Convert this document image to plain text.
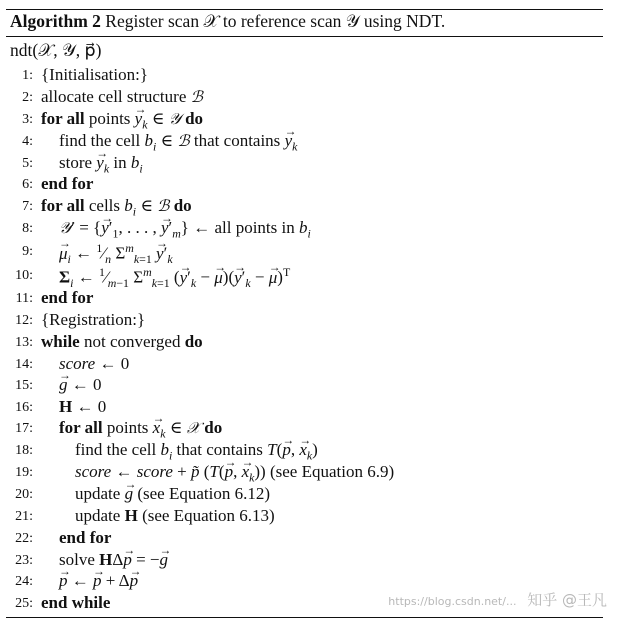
Algorithm 2 Register scan 𝒳 to reference scan 𝒴 using NDT.
ndt(𝒳, 𝒴, p⃗)
1: {Initialisation:}
2: allocate cell structure ℬ
3: for all points → $y_k$ ∈ 𝒴 do
4: find the cell $b_i$ ∈ ℬ that contains → $y_k$
5: store → $y_k$ in $b_i$
6: end for
7: for all cells $b_i$ ∈ ℬ do
8: 𝒴′ = {→ $y'_1$, . . . , → $y'_m$} ← all points in $b_i$
9: → $\mu_i$ ← $^1⁄_n$ $\Sigma^m_{k=1} \to y'_k$
10: $\Sigma_i$ ← $^1⁄_{m-1}$ $\Sigma^m_{k=1}$ (→ $y'_k$ − → $\mu)(\to y'_k$ − → μ)$^T$
11: end for
12: {Registration:}
13: while not converged do
14: score ← 0
15: → g ← 0
16: H ← 0
17: for all points → $x_k$ ∈ 𝒳 do
18: find the cell $b_i$ that contains T(→ p, → $x_k$)
19: score ← score + p̃ (T(→ p, → $x_k$)) (see Equation 6.9)
20: update → g (see Equation 6.12)
21: update H (see Equation 6.13)
22: end for
23: solve HΔ→ p = −→ g
24: → p ← → p + Δ→ p
25: end while	https://blog.csdn.net/... 知乎 @王凡
